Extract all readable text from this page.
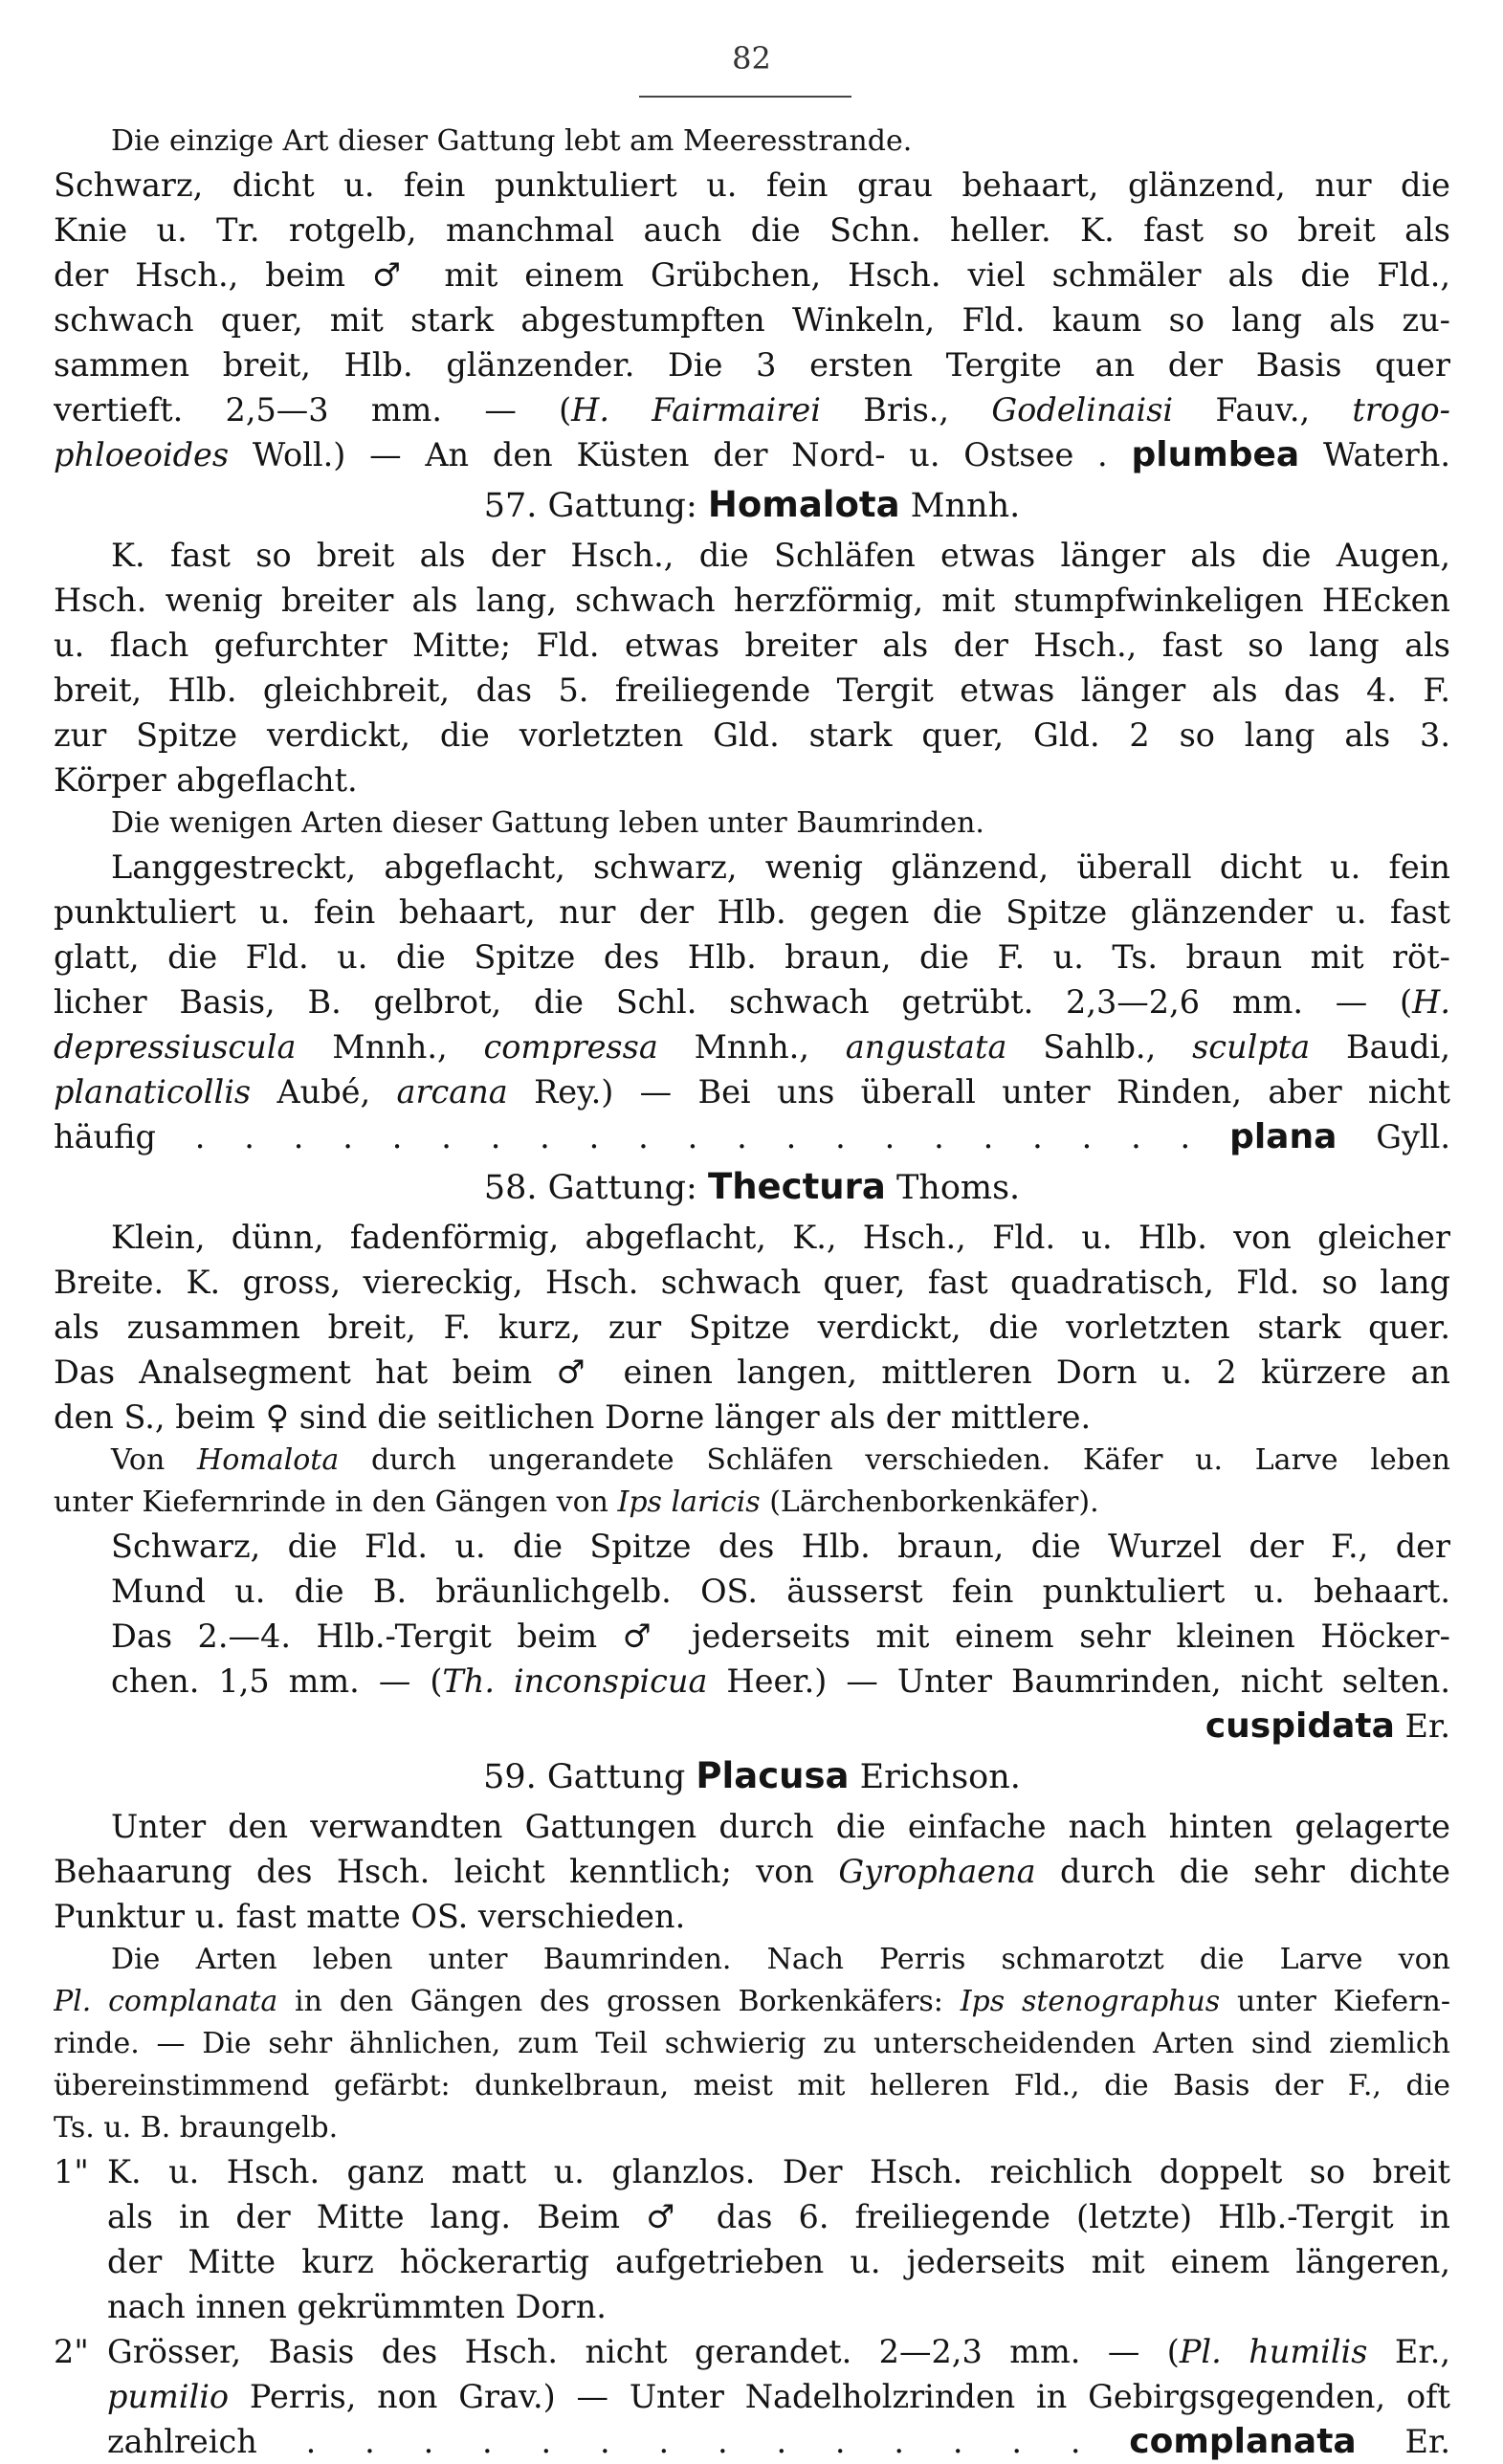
82
Die einzige Art dieser Gattung lebt am Meeresstrande.
Schwarz, dicht u. fein punktuliert u. fein grau behaart, glänzend, nur die
Knie u. Tr. rotgelb, manchmal auch die Schn. heller. K. fast so breit als
der Hsch., beim ♂ mit einem Grübchen, Hsch. viel schmäler als die Fld.,
schwach quer, mit stark abgestumpften Winkeln, Fld. kaum so lang als zu-
sammen breit, Hlb. glänzender. Die 3 ersten Tergite an der Basis quer
vertieft. 2,5—3 mm. — (H. Fairmairei Bris., Godelinaisi Fauv., trogo-
phloeoides Woll.) — An den Küsten der Nord- u. Ostsee . plumbea Waterh.
57. Gattung: Homalota Mnnh.
K. fast so breit als der Hsch., die Schläfen etwas länger als die Augen,
Hsch. wenig breiter als lang, schwach herzförmig, mit stumpfwinkeligen HEcken
u. flach gefurchter Mitte; Fld. etwas breiter als der Hsch., fast so lang als
breit, Hlb. gleichbreit, das 5. freiliegende Tergit etwas länger als das 4. F.
zur Spitze verdickt, die vorletzten Gld. stark quer, Gld. 2 so lang als 3.
Körper abgeflacht.
Die wenigen Arten dieser Gattung leben unter Baumrinden.
Langgestreckt, abgeflacht, schwarz, wenig glänzend, überall dicht u. fein
punktuliert u. fein behaart, nur der Hlb. gegen die Spitze glänzender u. fast
glatt, die Fld. u. die Spitze des Hlb. braun, die F. u. Ts. braun mit röt-
licher Basis, B. gelbrot, die Schl. schwach getrübt. 2,3—2,6 mm. — (H.
depressiuscula Mnnh., compressa Mnnh., angustata Sahlb., sculpta Baudi,
planaticollis Aubé, arcana Rey.) — Bei uns überall unter Rinden, aber nicht
häufig . . . . . . . . . . . . . . . . . . . . . plana Gyll.
58. Gattung: Thectura Thoms.
Klein, dünn, fadenförmig, abgeflacht, K., Hsch., Fld. u. Hlb. von gleicher
Breite. K. gross, viereckig, Hsch. schwach quer, fast quadratisch, Fld. so lang
als zusammen breit, F. kurz, zur Spitze verdickt, die vorletzten stark quer.
Das Analsegment hat beim ♂ einen langen, mittleren Dorn u. 2 kürzere an
den S., beim ♀ sind die seitlichen Dorne länger als der mittlere.
Von Homalota durch ungerandete Schläfen verschieden. Käfer u. Larve leben
unter Kiefernrinde in den Gängen von Ips laricis (Lärchenborkenkäfer).
Schwarz, die Fld. u. die Spitze des Hlb. braun, die Wurzel der F., der
Mund u. die B. bräunlichgelb. OS. äusserst fein punktuliert u. behaart.
Das 2.—4. Hlb.-Tergit beim ♂ jederseits mit einem sehr kleinen Höcker-
chen. 1,5 mm. — (Th. inconspicua Heer.) — Unter Baumrinden, nicht selten.
cuspidata Er.
59. Gattung Placusa Erichson.
Unter den verwandten Gattungen durch die einfache nach hinten gelagerte
Behaarung des Hsch. leicht kenntlich; von Gyrophaena durch die sehr dichte
Punktur u. fast matte OS. verschieden.
Die Arten leben unter Baumrinden. Nach Perris schmarotzt die Larve von
Pl. complanata in den Gängen des grossen Borkenkäfers: Ips stenographus unter Kiefern-
rinde. — Die sehr ähnlichen, zum Teil schwierig zu unterscheidenden Arten sind ziemlich
übereinstimmend gefärbt: dunkelbraun, meist mit helleren Fld., die Basis der F., die
Ts. u. B. braungelb.
1" K. u. Hsch. ganz matt u. glanzlos. Der Hsch. reichlich doppelt so breit
als in der Mitte lang. Beim ♂ das 6. freiliegende (letzte) Hlb.-Tergit in
der Mitte kurz höckerartig aufgetrieben u. jederseits mit einem längeren,
nach innen gekrümmten Dorn.
2" Grösser, Basis des Hsch. nicht gerandet. 2—2,3 mm. — (Pl. humilis Er.,
pumilio Perris, non Grav.) — Unter Nadelholzrinden in Gebirgsgegenden, oft
zahlreich . . . . . . . . . . . . . . complanata Er.
